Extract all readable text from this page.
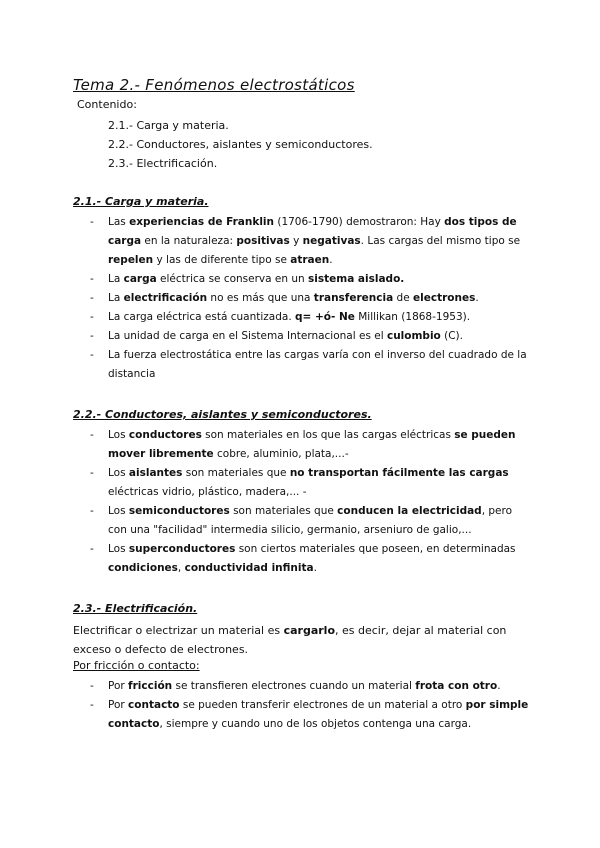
Tema 2.- Fenómenos electrostáticos
Contenido:
2.1.- Carga y materia.
2.2.- Conductores, aislantes y semiconductores.
2.3.- Electrificación.
2.1.- Carga y materia.
- Las experiencias de Franklin (1706-1790) demostraron: Hay dos tipos de carga en la naturaleza: positivas y negativas. Las cargas del mismo tipo se repelen y las de diferente tipo se atraen.
- La carga eléctrica se conserva en un sistema aislado.
- La electrificación no es más que una transferencia de electrones.
- La carga eléctrica está cuantizada. q= +ó- Ne Millikan (1868-1953).
- La unidad de carga en el Sistema Internacional es el culombio (C).
- La fuerza electrostática entre las cargas varía con el inverso del cuadrado de la distancia
2.2.- Conductores, aislantes y semiconductores.
- Los conductores son materiales en los que las cargas eléctricas se pueden mover libremente cobre, aluminio, plata,...-
- Los aislantes son materiales que no transportan fácilmente las cargas eléctricas vidrio, plástico, madera,... -
- Los semiconductores son materiales que conducen la electricidad, pero con una "facilidad" intermedia silicio, germanio, arseniuro de galio,...
- Los superconductores son ciertos materiales que poseen, en determinadas condiciones, conductividad infinita.
2.3.- Electrificación.
Electrificar o electrizar un material es cargarlo, es decir, dejar al material con exceso o defecto de electrones.
Por fricción o contacto:
- Por fricción se transfieren electrones cuando un material frota con otro.
- Por contacto se pueden transferir electrones de un material a otro por simple contacto, siempre y cuando uno de los objetos contenga una carga.
